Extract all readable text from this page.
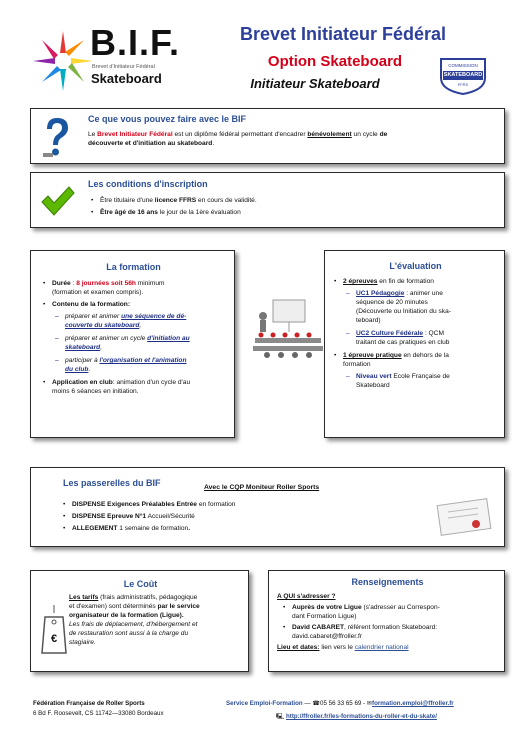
B.I.F.
Brevet d'Initiateur Fédéral
Skateboard
Brevet Initiateur Fédéral
Option Skateboard
Initiateur Skateboard
COMMISSION
SKATEBOARD
FFRS
Ce que vous pouvez faire avec le BIF
Le Brevet Initiateur Fédéral est un diplôme fédéral permettant d'encadrer bénévolement un cycle de
découverte et d'initiation au skateboard.
Les conditions d'inscription
• Être titulaire d'une licence FFRS en cours de validité.
• Être âgé de 16 ans le jour de la 1ère évaluation
La formation
• Durée : 8 journées soit 56h minimum
(formation et examen compris).
• Contenu de la formation:
– préparer et animer une séquence de dé-
couverte du skateboard,
– préparer et animer un cycle d'initiation au
skateboard,
– participer à l'organisation et l'animation
du club.
• Application en club: animation d'un cycle d'au
moins 6 séances en initiation.
L'évaluation
• 2 épreuves en fin de formation
– UC1 Pédagogie : animer une
séquence de 20 minutes
(Découverte ou Initiation du ska-
teboard)
– UC2 Culture Fédérale : QCM
traitant de cas pratiques en club
• 1 épreuve pratique en dehors de la
formation
– Niveau vert Ecole Française de
Skateboard
Les passerelles du BIF	Avec le CQP Moniteur Roller Sports
• DISPENSE Exigences Préalables Entrée en formation
• DISPENSE Epreuve N°1 Accueil/Sécurité
• ALLEGEMENT 1 semaine de formation.
Le Coût
€
Les tarifs (frais administratifs, pédagogique
et d'examen) sont déterminés par le service
organisateur de la formation (Ligue).
Les frais de déplacement, d'hébergement et
de restauration sont aussi à la charge du
stagiaire.
Renseignements
A QUI s'adresser ?
• Auprès de votre Ligue (s'adresser au Correspon-
dant Formation Ligue)
• David CABARET, référent formation Skateboard:
david.cabaret@ffroller.fr
Lieu et dates: lien vers le calendrier national
Fédération Française de Roller Sports
6 Bd F. Roosevelt, CS 11742—33080 Bordeaux
Service Emploi-Formation — ☎05 56 33 65 69 - ✉formation.emploi@ffroller.fr
🖳 http://ffroller.fr/les-formations-du-roller-et-du-skate/
